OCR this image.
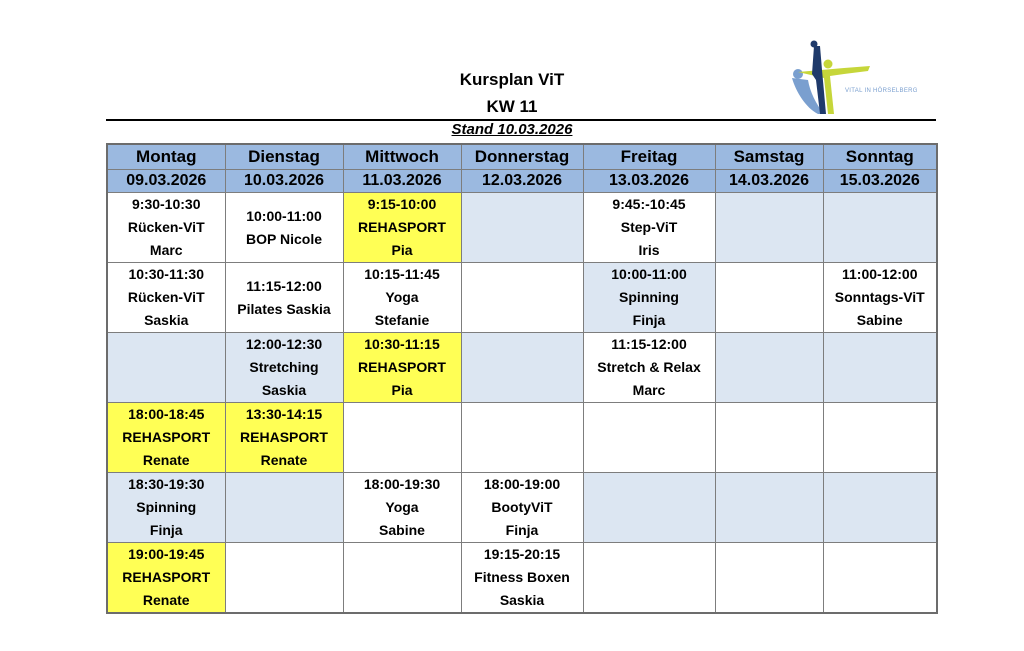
Kursplan ViT
KW 11
Stand 10.03.2026
VITAL IN HÖRSELBERG
Montag	Dienstag	Mittwoch	Donnerstag	Freitag	Samstag	Sonntag
09.03.2026	10.03.2026	11.03.2026	12.03.2026	13.03.2026	14.03.2026	15.03.2026

9:30-10:30
Rücken-ViT
Marc	10:00-11:00
BOP Nicole	9:15-10:00
REHASPORT
Pia		9:45:-10:45
Step-ViT
Iris		

10:30-11:30
Rücken-ViT
Saskia	11:15-12:00
Pilates Saskia	10:15-11:45
Yoga
Stefanie		10:00-11:00
Spinning
Finja		11:00-12:00
Sonntags-ViT
Sabine

	12:00-12:30
Stretching
Saskia	10:30-11:15
REHASPORT
Pia		11:15-12:00
Stretch & Relax
Marc		

18:00-18:45
REHASPORT
Renate	13:30-14:15
REHASPORT
Renate					

18:30-19:30
Spinning
Finja		18:00-19:30
Yoga
Sabine	18:00-19:00
BootyViT
Finja			

19:00-19:45
REHASPORT
Renate			19:15-20:15
Fitness Boxen
Saskia			
